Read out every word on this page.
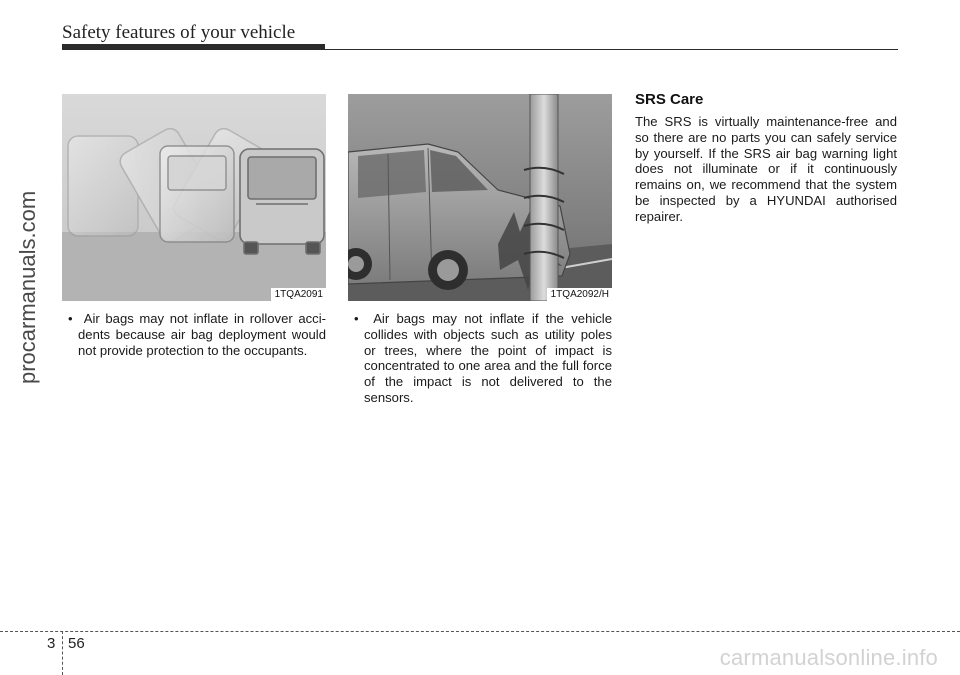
Safety features of your vehicle
procarmanuals.com	1TQA2091	1TQA2092/H
• Air bags may not inflate in rollover accidents because air bag deployment would not provide protection to the occupants.
• Air bags may not inflate if the vehicle collides with objects such as utility poles or trees, where the point of impact is concentrated to one area and the full force of the impact is not delivered to the sensors.
SRS Care
The SRS is virtually maintenance-free and so there are no parts you can safely service by yourself. If the SRS air bag warning light does not illuminate or if it continuously remains on, we recommend that the system be inspected by a HYUNDAI authorised repairer.
3 56
carmanualsonline.info
